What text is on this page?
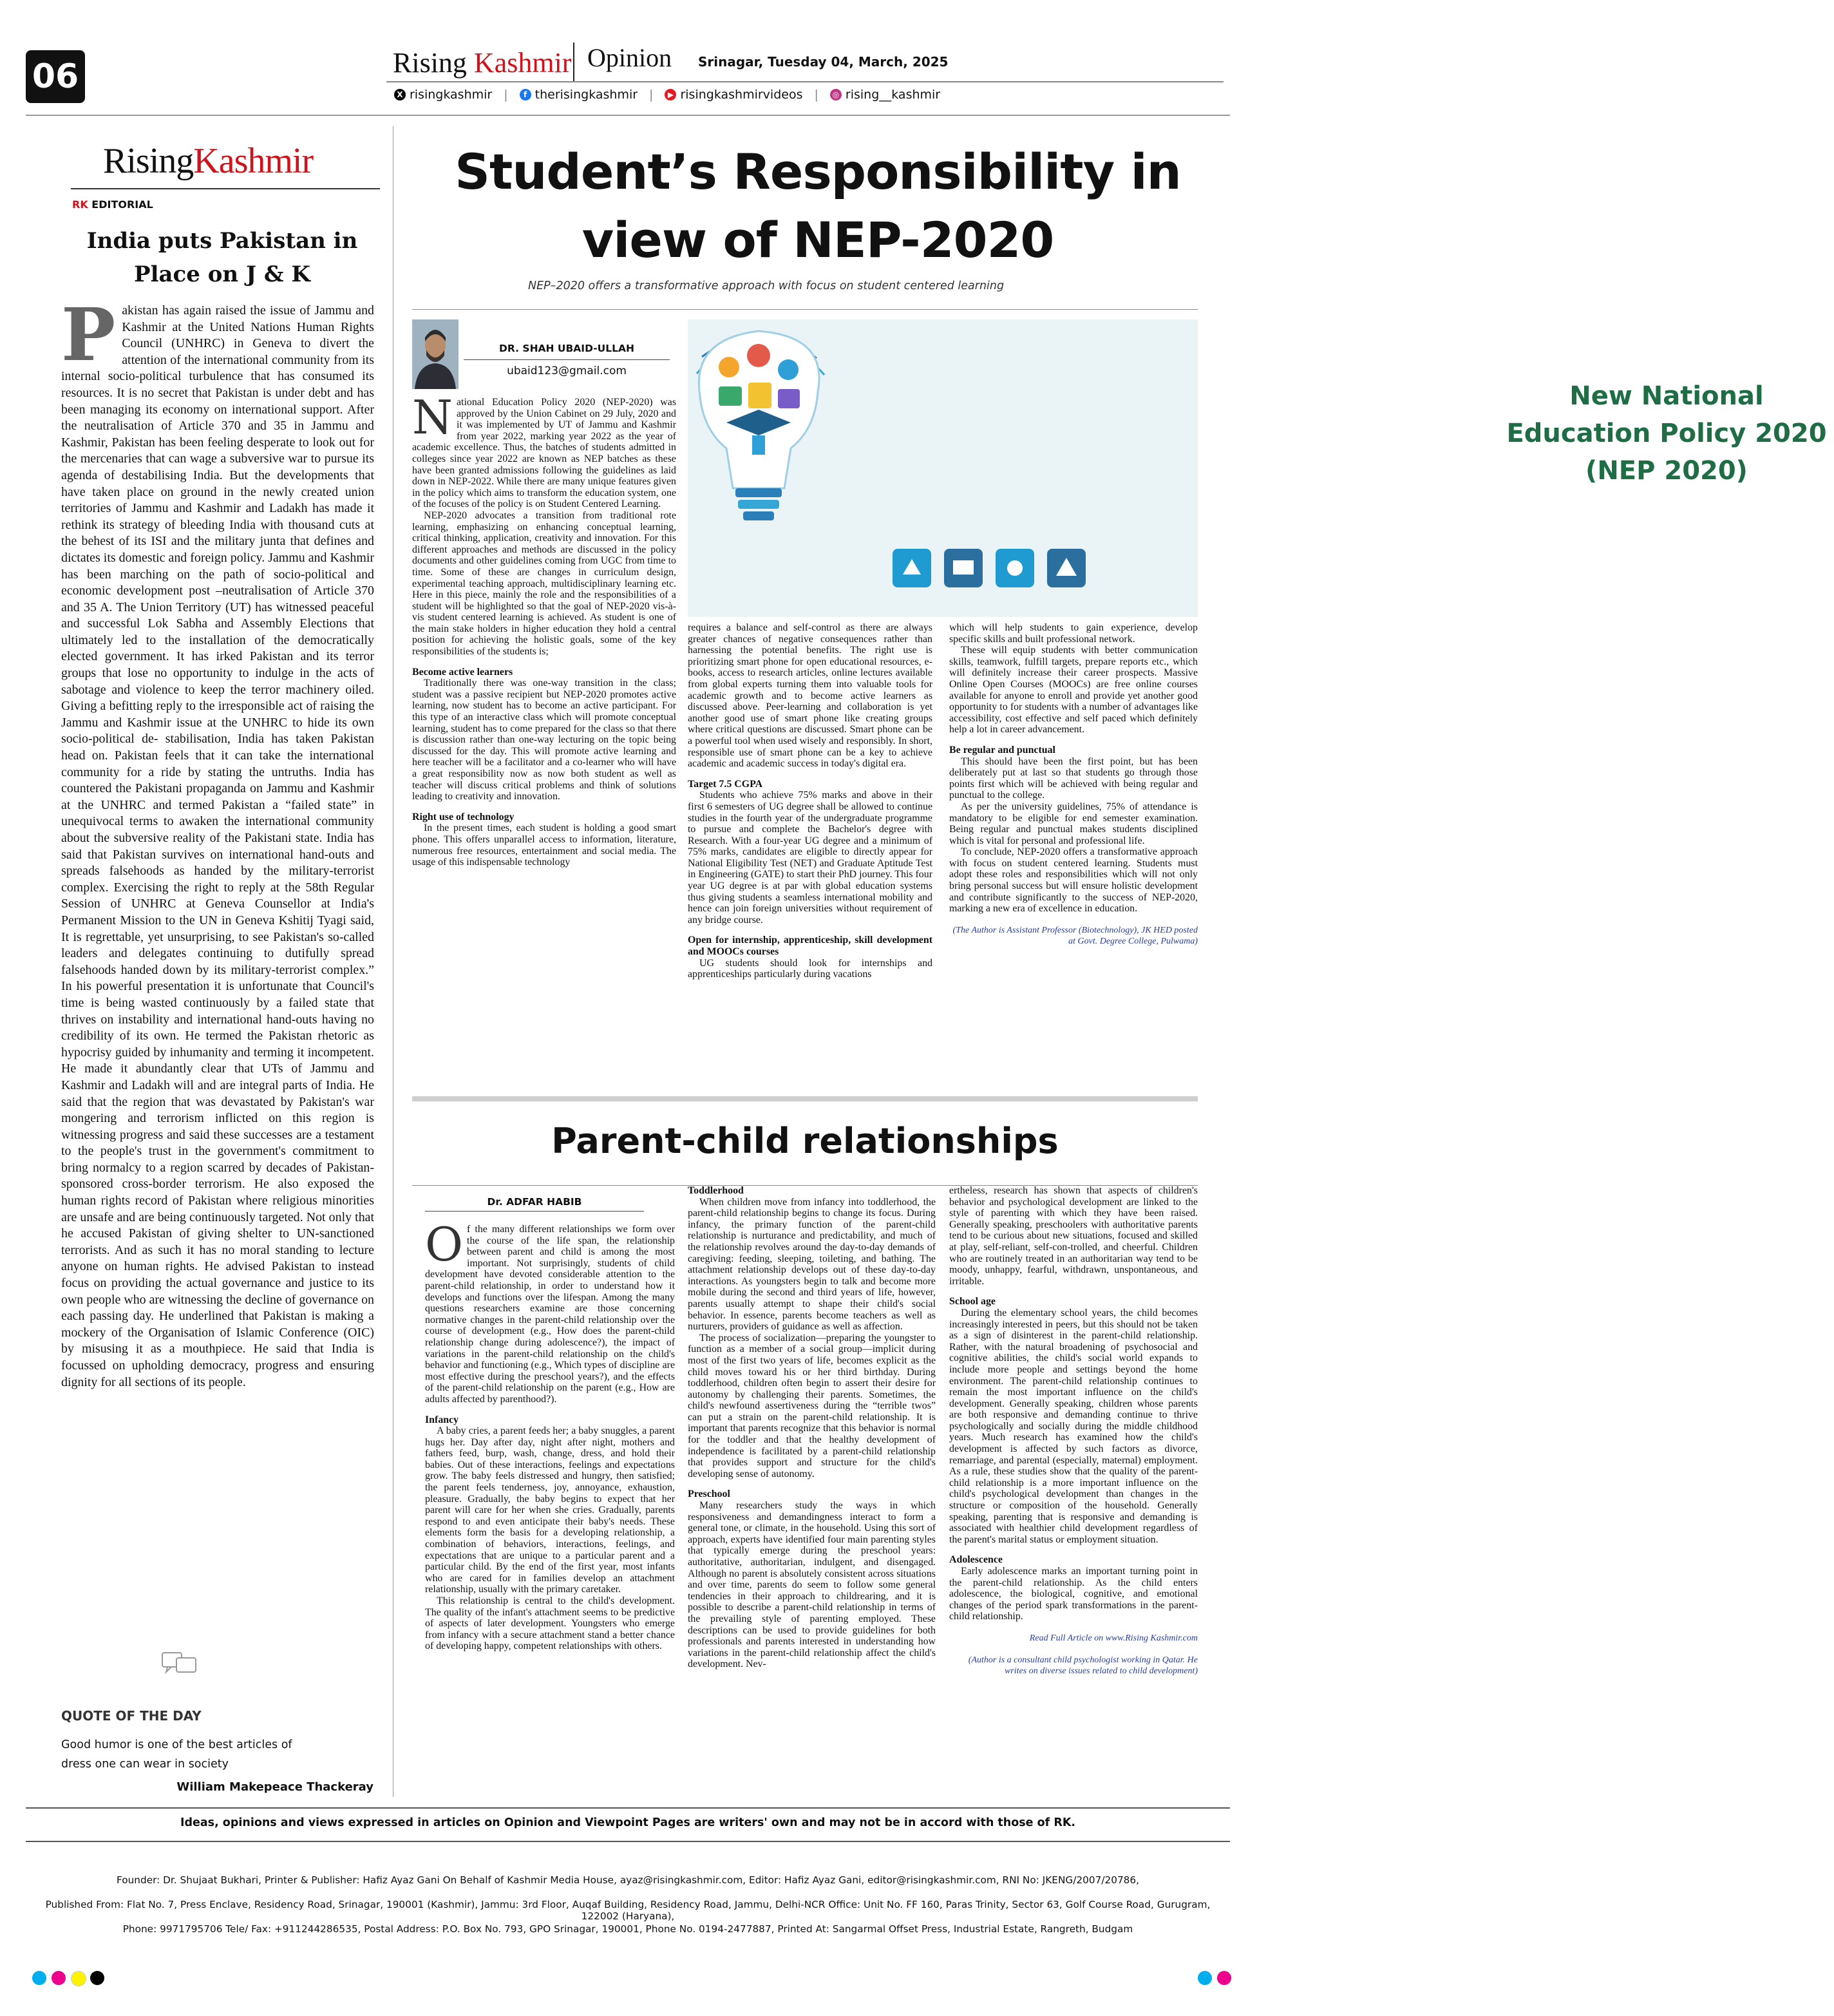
06	Rising Kashmir Opinion Srinagar, Tuesday 04, March, 2025
X risingkashmir |	f therisingkashmir |	▶ risingkashmirvideos |	◎ rising__kashmir
RisingKashmir
RK EDITORIAL
India puts Pakistan in Place on J & K
Pakistan has again raised the issue of Jammu and Kashmir at the United Nations Human Rights Council (UNHRC) in Geneva to divert the attention of the international community from its internal socio-political turbulence that has consumed its resources. It is no secret that Pakistan is under debt and has been managing its economy on international support. After the neutralisation of Article 370 and 35 in Jammu and Kashmir, Pakistan has been feeling desperate to look out for the mercenaries that can wage a subversive war to pursue its agenda of destabilising India. But the developments that have taken place on ground in the newly created union territories of Jammu and Kashmir and Ladakh has made it rethink its strategy of bleeding India with thousand cuts at the behest of its ISI and the military junta that defines and dictates its domestic and foreign policy. Jammu and Kashmir has been marching on the path of socio-political and economic development post –neutralisation of Article 370 and 35 A. The Union Territory (UT) has witnessed peaceful and successful Lok Sabha and Assembly Elections that ultimately led to the installation of the democratically elected government. It has irked Pakistan and its terror groups that lose no opportunity to indulge in the acts of sabotage and violence to keep the terror machinery oiled. Giving a befitting reply to the irresponsible act of raising the Jammu and Kashmir issue at the UNHRC to hide its own socio-political de- stabilisation, India has taken Pakistan head on. Pakistan feels that it can take the international community for a ride by stating the untruths. India has countered the Pakistani propaganda on Jammu and Kashmir at the UNHRC and termed Pakistan a “failed state” in unequivocal terms to awaken the international community about the subversive reality of the Pakistani state. India has said that Pakistan survives on international hand-outs and spreads falsehoods as handed by the military-terrorist complex. Exercising the right to reply at the 58th Regular Session of UNHRC at Geneva Counsellor at India's Permanent Mission to the UN in Geneva Kshitij Tyagi said, It is regrettable, yet unsurprising, to see Pakistan's so-called leaders and delegates continuing to dutifully spread falsehoods handed down by its military-terrorist complex.” In his powerful presentation it is unfortunate that Council's time is being wasted continuously by a failed state that thrives on instability and international hand-outs having no credibility of its own. He termed the Pakistan rhetoric as hypocrisy guided by inhumanity and terming it incompetent. He made it abundantly clear that UTs of Jammu and Kashmir and Ladakh will and are integral parts of India. He said that the region that was devastated by Pakistan's war mongering and terrorism inflicted on this region is witnessing progress and said these successes are a testament to the people's trust in the government's commitment to bring normalcy to a region scarred by decades of Pakistan-sponsored cross-border terrorism. He also exposed the human rights record of Pakistan where religious minorities are unsafe and are being continuously targeted. Not only that he accused Pakistan of giving shelter to UN-sanctioned terrorists. And as such it has no moral standing to lecture anyone on human rights. He advised Pakistan to instead focus on providing the actual governance and justice to its own people who are witnessing the decline of governance on each passing day. He underlined that Pakistan is making a mockery of the Organisation of Islamic Conference (OIC) by misusing it as a mouthpiece. He said that India is focussed on upholding democracy, progress and ensuring dignity for all sections of its people.
QUOTE OF THE DAY
Good humor is one of the best articles of dress one can wear in society
William Makepeace Thackeray
Student’s Responsibility in view of NEP-2020
NEP–2020 offers a transformative approach with focus on student centered learning
DR. SHAH UBAID-ULLAH
ubaid123@gmail.com
New National Education Policy 2020 (NEP 2020)

National Education Policy 2020 (NEP-2020) was approved by the Union Cabinet on 29 July, 2020 and it was implemented by UT of Jammu and Kashmir from year 2022, marking year 2022 as the year of academic excellence. Thus, the batches of students admitted in colleges since year 2022 are known as NEP batches as these have been granted admissions following the guidelines as laid down in NEP-2022. While there are many unique features given in the policy which aims to transform the education system, one of the focuses of the policy is on Student Centered Learning.

NEP-2020 advocates a transition from traditional rote learning, emphasizing on enhancing conceptual learning, critical thinking, application, creativity and innovation. For this different approaches and methods are discussed in the policy documents and other guidelines coming from UGC from time to time. Some of these are changes in curriculum design, experimental teaching approach, multidisciplinary learning etc. Here in this piece, mainly the role and the responsibilities of a student will be highlighted so that the goal of NEP-2020 vis-à-vis student centered learning is achieved. As student is one of the main stake holders in higher education they hold a central position for achieving the holistic goals, some of the key responsibilities of the students is;

Become active learners

Traditionally there was one-way transition in the class; student was a passive recipient but NEP-2020 promotes active learning, now student has to become an active participant. For this type of an interactive class which will promote conceptual learning, student has to come prepared for the class so that there is discussion rather than one-way lecturing on the topic being discussed for the day. This will promote active learning and here teacher will be a facilitator and a co-learner who will have a great responsibility now as now both student as well as teacher will discuss critical problems and think of solutions leading to creativity and innovation.

Right use of technology

In the present times, each student is holding a good smart phone. This offers unparallel access to information, literature, numerous free resources, entertainment and social media. The usage of this indispensable technology

requires a balance and self-control as there are always greater chances of negative consequences rather than harnessing the potential benefits. The right use is prioritizing smart phone for open educational resources, e-books, access to research articles, online lectures available from global experts turning them into valuable tools for academic growth and to become active learners as discussed above. Peer-learning and collaboration is yet another good use of smart phone like creating groups where critical questions are discussed. Smart phone can be a powerful tool when used wisely and responsibly. In short, responsible use of smart phone can be a key to achieve academic and academic success in today's digital era.

Target 7.5 CGPA

Students who achieve 75% marks and above in their first 6 semesters of UG degree shall be allowed to continue studies in the fourth year of the undergraduate programme to pursue and complete the Bachelor's degree with Research. With a four-year UG degree and a minimum of 75% marks, candidates are eligible to directly appear for National Eligibility Test (NET) and Graduate Aptitude Test in Engineering (GATE) to start their PhD journey. This four year UG degree is at par with global education systems thus giving students a seamless international mobility and hence can join foreign universities without requirement of any bridge course.

Open for internship, apprenticeship, skill development and MOOCs courses

UG students should look for internships and apprenticeships particularly during vacations

which will help students to gain experience, develop specific skills and built professional network.

These will equip students with better communication skills, teamwork, fulfill targets, prepare reports etc., which will definitely increase their career prospects. Massive Online Open Courses (MOOCs) are free online courses available for anyone to enroll and provide yet another good opportunity to for students with a number of advantages like accessibility, cost effective and self paced which definitely help a lot in career advancement.

Be regular and punctual

This should have been the first point, but has been deliberately put at last so that students go through those points first which will be achieved with being regular and punctual to the college.

As per the university guidelines, 75% of attendance is mandatory to be eligible for end semester examination. Being regular and punctual makes students disciplined which is vital for personal and professional life.

To conclude, NEP-2020 offers a transformative approach with focus on student centered learning. Students must adopt these roles and responsibilities which will not only bring personal success but will ensure holistic development and contribute significantly to the success of NEP-2020, marking a new era of excellence in education.

(The Author is Assistant Professor (Biotechnology), JK HED posted at Govt. Degree College, Pulwama)

Parent-child relationships
Dr. ADFAR HABIB

Of the many different relationships we form over the course of the life span, the relationship between parent and child is among the most important. Not surprisingly, students of child development have devoted considerable attention to the parent-child relationship, in order to understand how it develops and functions over the lifespan. Among the many questions researchers examine are those concerning normative changes in the parent-child relationship over the course of development (e.g., How does the parent-child relationship change during adolescence?), the impact of variations in the parent-child relationship on the child's behavior and functioning (e.g., Which types of discipline are most effective during the preschool years?), and the effects of the parent-child relationship on the parent (e.g., How are adults affected by parenthood?).

Infancy

A baby cries, a parent feeds her; a baby snuggles, a parent hugs her. Day after day, night after night, mothers and fathers feed, burp, wash, change, dress, and hold their babies. Out of these interactions, feelings and expectations grow. The baby feels distressed and hungry, then satisfied; the parent feels tenderness, joy, annoyance, exhaustion, pleasure. Gradually, the baby begins to expect that her parent will care for her when she cries. Gradually, parents respond to and even anticipate their baby's needs. These elements form the basis for a developing relationship, a combination of behaviors, interactions, feelings, and expectations that are unique to a particular parent and a particular child. By the end of the first year, most infants who are cared for in families develop an attachment relationship, usually with the primary caretaker.

This relationship is central to the child's development. The quality of the infant's attachment seems to be predictive of aspects of later development. Youngsters who emerge from infancy with a secure attachment stand a better chance of developing happy, competent relationships with others.

Toddlerhood

When children move from infancy into toddlerhood, the parent-child relationship begins to change its focus. During infancy, the primary function of the parent-child relationship is nurturance and predictability, and much of the relationship revolves around the day-to-day demands of caregiving: feeding, sleeping, toileting, and bathing. The attachment relationship develops out of these day-to-day interactions. As youngsters begin to talk and become more mobile during the second and third years of life, however, parents usually attempt to shape their child's social behavior. In essence, parents become teachers as well as nurturers, providers of guidance as well as affection.

The process of socialization—preparing the youngster to function as a member of a social group—implicit during most of the first two years of life, becomes explicit as the child moves toward his or her third birthday. During toddlerhood, children often begin to assert their desire for autonomy by challenging their parents. Sometimes, the child's newfound assertiveness during the “terrible twos” can put a strain on the parent-child relationship. It is important that parents recognize that this behavior is normal for the toddler and that the healthy development of independence is facilitated by a parent-child relationship that provides support and structure for the child's developing sense of autonomy.

Preschool

Many researchers study the ways in which responsiveness and demandingness interact to form a general tone, or climate, in the household. Using this sort of approach, experts have identified four main parenting styles that typically emerge during the preschool years: authoritative, authoritarian, indulgent, and disengaged. Although no parent is absolutely consistent across situations and over time, parents do seem to follow some general tendencies in their approach to childrearing, and it is possible to describe a parent-child relationship in terms of the prevailing style of parenting employed. These descriptions can be used to provide guidelines for both professionals and parents interested in understanding how variations in the parent-child relationship affect the child's development. Nev-

ertheless, research has shown that aspects of children's behavior and psychological development are linked to the style of parenting with which they have been raised. Generally speaking, preschoolers with authoritative parents tend to be curious about new situations, focused and skilled at play, self-reliant, self-con-trolled, and cheerful. Children who are routinely treated in an authoritarian way tend to be moody, unhappy, fearful, withdrawn, unspontaneous, and irritable.

School age

During the elementary school years, the child becomes increasingly interested in peers, but this should not be taken as a sign of disinterest in the parent-child relationship. Rather, with the natural broadening of psychosocial and cognitive abilities, the child's social world expands to include more people and settings beyond the home environment. The parent-child relationship continues to remain the most important influence on the child's development. Generally speaking, children whose parents are both responsive and demanding continue to thrive psychologically and socially during the middle childhood years. Much research has examined how the child's development is affected by such factors as divorce, remarriage, and parental (especially, maternal) employment. As a rule, these studies show that the quality of the parent-child relationship is a more important influence on the child's psychological development than changes in the structure or composition of the household. Generally speaking, parenting that is responsive and demanding is associated with healthier child development regardless of the parent's marital status or employment situation.

Adolescence

Early adolescence marks an important turning point in the parent-child relationship. As the child enters adolescence, the biological, cognitive, and emotional changes of the period spark transformations in the parent-child relationship.

Read Full Article on www.Rising Kashmir.com

(Author is a consultant child psychologist working in Qatar. He writes on diverse issues related to child development)

Ideas, opinions and views expressed in articles on Opinion and Viewpoint Pages are writers' own and may not be in accord with those of RK.
Founder: Dr. Shujaat Bukhari, Printer & Publisher: Hafiz Ayaz Gani On Behalf of Kashmir Media House, ayaz@risingkashmir.com, Editor: Hafiz Ayaz Gani, editor@risingkashmir.com, RNI No: JKENG/2007/20786,
Published From: Flat No. 7, Press Enclave, Residency Road, Srinagar, 190001 (Kashmir), Jammu: 3rd Floor, Auqaf Building, Residency Road, Jammu, Delhi-NCR Office: Unit No. FF 160, Paras Trinity, Sector 63, Golf Course Road, Gurugram, 122002 (Haryana),
Phone: 9971795706 Tele/ Fax: +911244286535, Postal Address: P.O. Box No. 793, GPO Srinagar, 190001, Phone No. 0194-2477887, Printed At: Sangarmal Offset Press, Industrial Estate, Rangreth, Budgam
